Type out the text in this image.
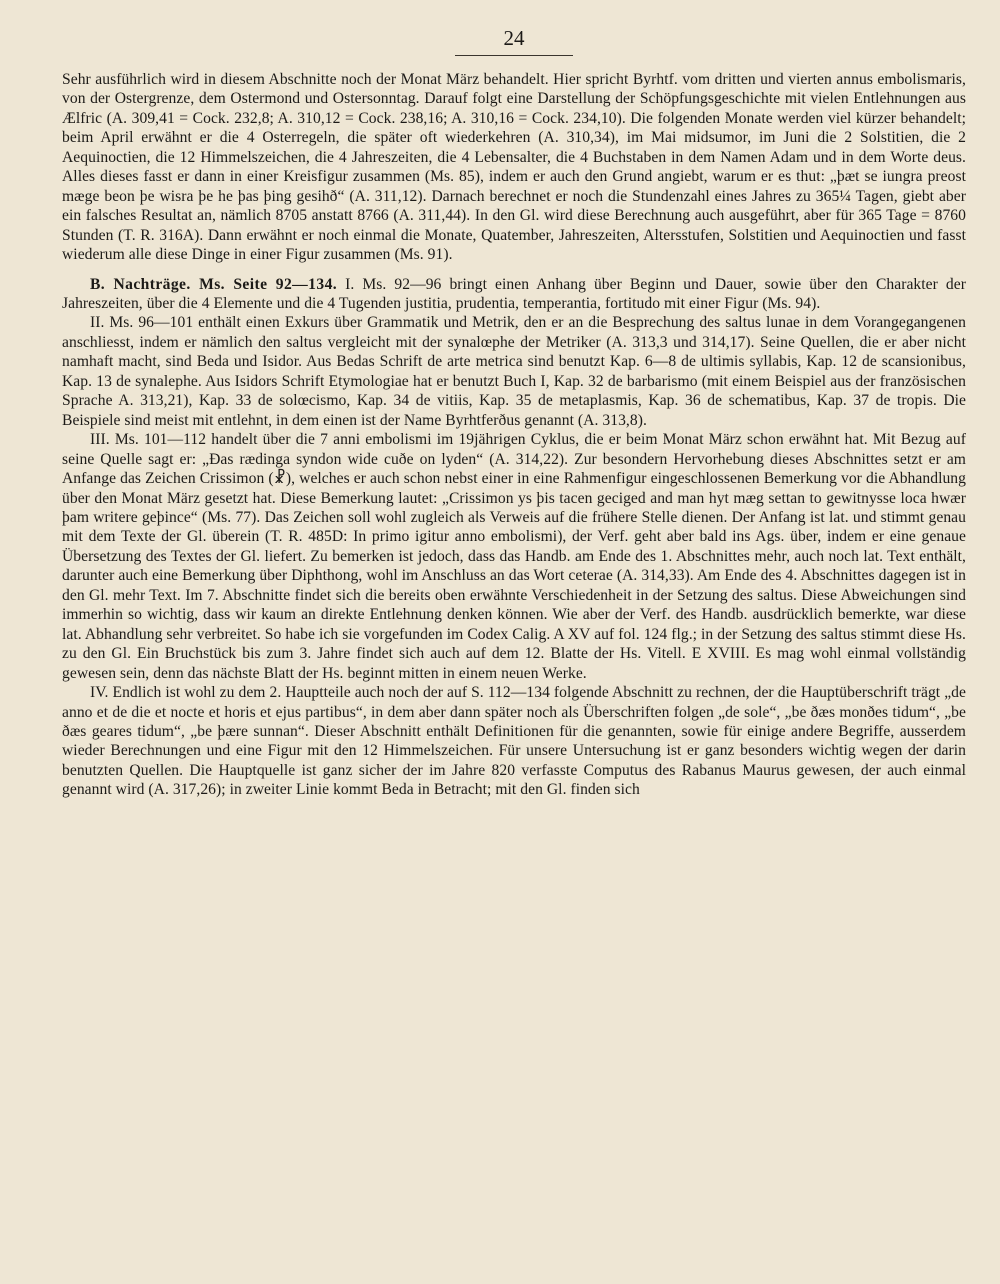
24

Sehr ausführlich wird in diesem Abschnitte noch der Monat März behandelt. Hier spricht Byrhtf. vom dritten und vierten annus embolismaris, von der Ostergrenze, dem Ostermond und Ostersonntag. Darauf folgt eine Darstellung der Schöpfungsgeschichte mit vielen Entlehnungen aus Ælfric (A. 309,41 = Cock. 232,8; A. 310,12 = Cock. 238,16; A. 310,16 = Cock. 234,10). Die folgenden Monate werden viel kürzer behandelt; beim April erwähnt er die 4 Osterregeln, die später oft wiederkehren (A. 310,34), im Mai midsumor, im Juni die 2 Solstitien, die 2 Aequinoctien, die 12 Himmelszeichen, die 4 Jahreszeiten, die 4 Lebensalter, die 4 Buchstaben in dem Namen Adam und in dem Worte deus. Alles dieses fasst er dann in einer Kreisfigur zusammen (Ms. 85), indem er auch den Grund angiebt, warum er es thut: „þæt se iungra preost mæge beon þe wisra þe he þas þing gesihð“ (A. 311,12). Darnach berechnet er noch die Stundenzahl eines Jahres zu 365¼ Tagen, giebt aber ein falsches Resultat an, nämlich 8705 anstatt 8766 (A. 311,44). In den Gl. wird diese Berechnung auch ausgeführt, aber für 365 Tage = 8760 Stunden (T. R. 316A). Dann erwähnt er noch einmal die Monate, Quatember, Jahreszeiten, Altersstufen, Solstitien und Aequinoctien und fasst wiederum alle diese Dinge in einer Figur zusammen (Ms. 91).

B. Nachträge. Ms. Seite 92—134. I. Ms. 92—96 bringt einen Anhang über Beginn und Dauer, sowie über den Charakter der Jahreszeiten, über die 4 Elemente und die 4 Tugenden justitia, prudentia, temperantia, fortitudo mit einer Figur (Ms. 94).

II. Ms. 96—101 enthält einen Exkurs über Grammatik und Metrik, den er an die Besprechung des saltus lunae in dem Vorangegangenen anschliesst, indem er nämlich den saltus vergleicht mit der synalœphe der Metriker (A. 313,3 und 314,17). Seine Quellen, die er aber nicht namhaft macht, sind Beda und Isidor. Aus Bedas Schrift de arte metrica sind benutzt Kap. 6—8 de ultimis syllabis, Kap. 12 de scansionibus, Kap. 13 de synalephe. Aus Isidors Schrift Etymologiae hat er benutzt Buch I, Kap. 32 de barbarismo (mit einem Beispiel aus der französischen Sprache A. 313,21), Kap. 33 de solœcismo, Kap. 34 de vitiis, Kap. 35 de metaplasmis, Kap. 36 de schematibus, Kap. 37 de tropis. Die Beispiele sind meist mit entlehnt, in dem einen ist der Name Byrhtferðus genannt (A. 313,8).

III. Ms. 101—112 handelt über die 7 anni embolismi im 19jährigen Cyklus, die er beim Monat März schon erwähnt hat. Mit Bezug auf seine Quelle sagt er: „Ðas rædinga syndon wide cuðe on lyden“ (A. 314,22). Zur besondern Hervorhebung dieses Abschnittes setzt er am Anfange das Zeichen Crissimon (☧), welches er auch schon nebst einer in eine Rahmenfigur eingeschlossenen Bemerkung vor die Abhandlung über den Monat März gesetzt hat. Diese Bemerkung lautet: „Crissimon ys þis tacen geciged and man hyt mæg settan to gewitnysse loca hwær þam writere geþince“ (Ms. 77). Das Zeichen soll wohl zugleich als Verweis auf die frühere Stelle dienen. Der Anfang ist lat. und stimmt genau mit dem Texte der Gl. überein (T. R. 485D: In primo igitur anno embolismi), der Verf. geht aber bald ins Ags. über, indem er eine genaue Übersetzung des Textes der Gl. liefert. Zu bemerken ist jedoch, dass das Handb. am Ende des 1. Abschnittes mehr, auch noch lat. Text enthält, darunter auch eine Bemerkung über Diphthong, wohl im Anschluss an das Wort ceterae (A. 314,33). Am Ende des 4. Abschnittes dagegen ist in den Gl. mehr Text. Im 7. Abschnitte findet sich die bereits oben erwähnte Verschiedenheit in der Setzung des saltus. Diese Abweichungen sind immerhin so wichtig, dass wir kaum an direkte Entlehnung denken können. Wie aber der Verf. des Handb. ausdrücklich bemerkte, war diese lat. Abhandlung sehr verbreitet. So habe ich sie vorgefunden im Codex Calig. A XV auf fol. 124 flg.; in der Setzung des saltus stimmt diese Hs. zu den Gl. Ein Bruchstück bis zum 3. Jahre findet sich auch auf dem 12. Blatte der Hs. Vitell. E XVIII. Es mag wohl einmal vollständig gewesen sein, denn das nächste Blatt der Hs. beginnt mitten in einem neuen Werke.

IV. Endlich ist wohl zu dem 2. Hauptteile auch noch der auf S. 112—134 folgende Abschnitt zu rechnen, der die Hauptüberschrift trägt „de anno et de die et nocte et horis et ejus partibus“, in dem aber dann später noch als Überschriften folgen „de sole“, „be ðæs monðes tidum“, „be ðæs geares tidum“, „be þære sunnan“. Dieser Abschnitt enthält Definitionen für die genannten, sowie für einige andere Begriffe, ausserdem wieder Berechnungen und eine Figur mit den 12 Himmelszeichen. Für unsere Untersuchung ist er ganz besonders wichtig wegen der darin benutzten Quellen. Die Hauptquelle ist ganz sicher der im Jahre 820 verfasste Computus des Rabanus Maurus gewesen, der auch einmal genannt wird (A. 317,26); in zweiter Linie kommt Beda in Betracht; mit den Gl. finden sich
